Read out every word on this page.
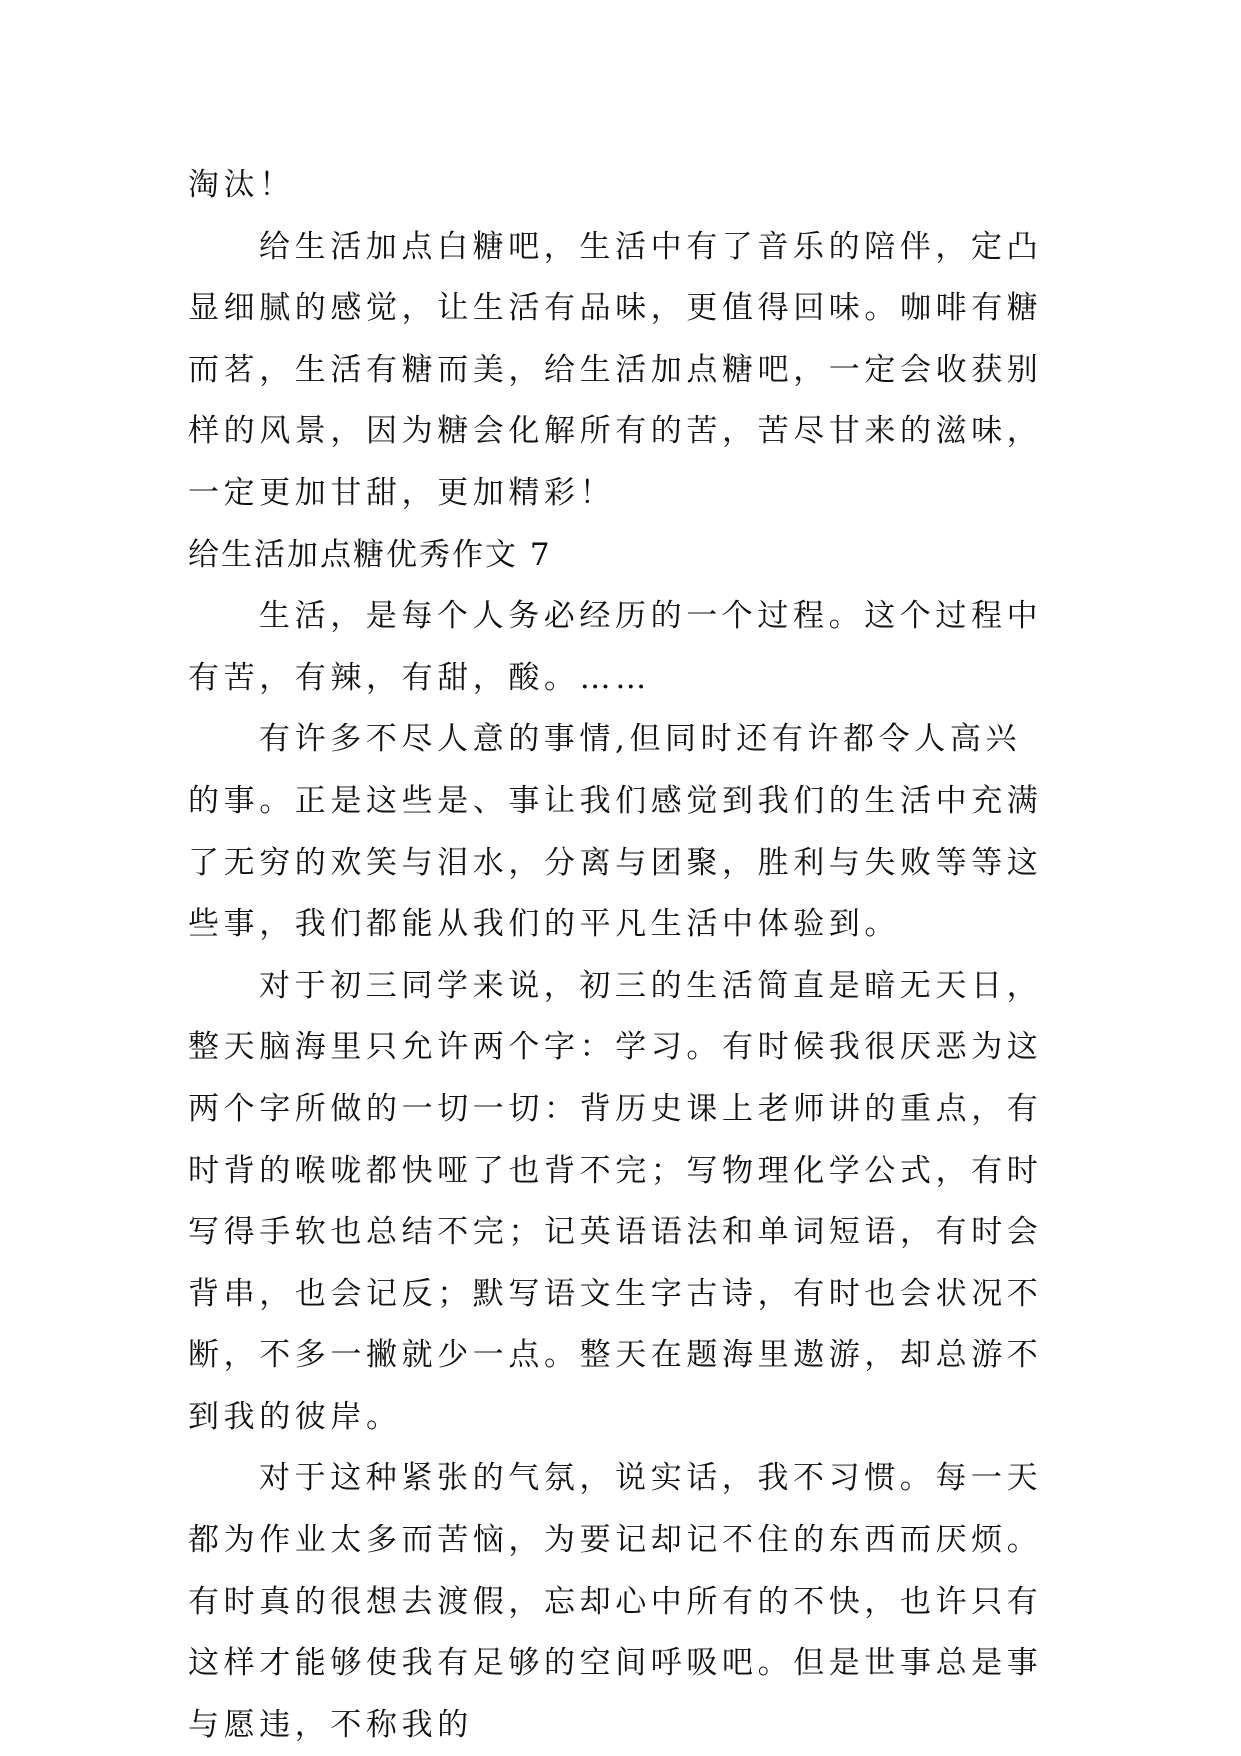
淘汰！

给生活加点白糖吧，生活中有了音乐的陪伴，定凸显细腻的感觉，让生活有品味，更值得回味。咖啡有糖而茗，生活有糖而美，给生活加点糖吧，一定会收获别样的风景，因为糖会化解所有的苦，苦尽甘来的滋味，一定更加甘甜，更加精彩！

给生活加点糖优秀作文 7

生活，是每个人务必经历的一个过程。这个过程中有苦，有辣，有甜，酸。……

有许多不尽人意的事情,但同时还有许都令人高兴的事。正是这些是、事让我们感觉到我们的生活中充满了无穷的欢笑与泪水，分离与团聚，胜利与失败等等这些事，我们都能从我们的平凡生活中体验到。

对于初三同学来说，初三的生活简直是暗无天日，整天脑海里只允许两个字：学习。有时候我很厌恶为这两个字所做的一切一切：背历史课上老师讲的重点，有时背的喉咙都快哑了也背不完；写物理化学公式，有时写得手软也总结不完；记英语语法和单词短语，有时会背串，也会记反；默写语文生字古诗，有时也会状况不断，不多一撇就少一点。整天在题海里遨游，却总游不到我的彼岸。

对于这种紧张的气氛，说实话，我不习惯。每一天都为作业太多而苦恼，为要记却记不住的东西而厌烦。有时真的很想去渡假，忘却心中所有的不快，也许只有这样才能够使我有足够的空间呼吸吧。但是世事总是事与愿违，不称我的
